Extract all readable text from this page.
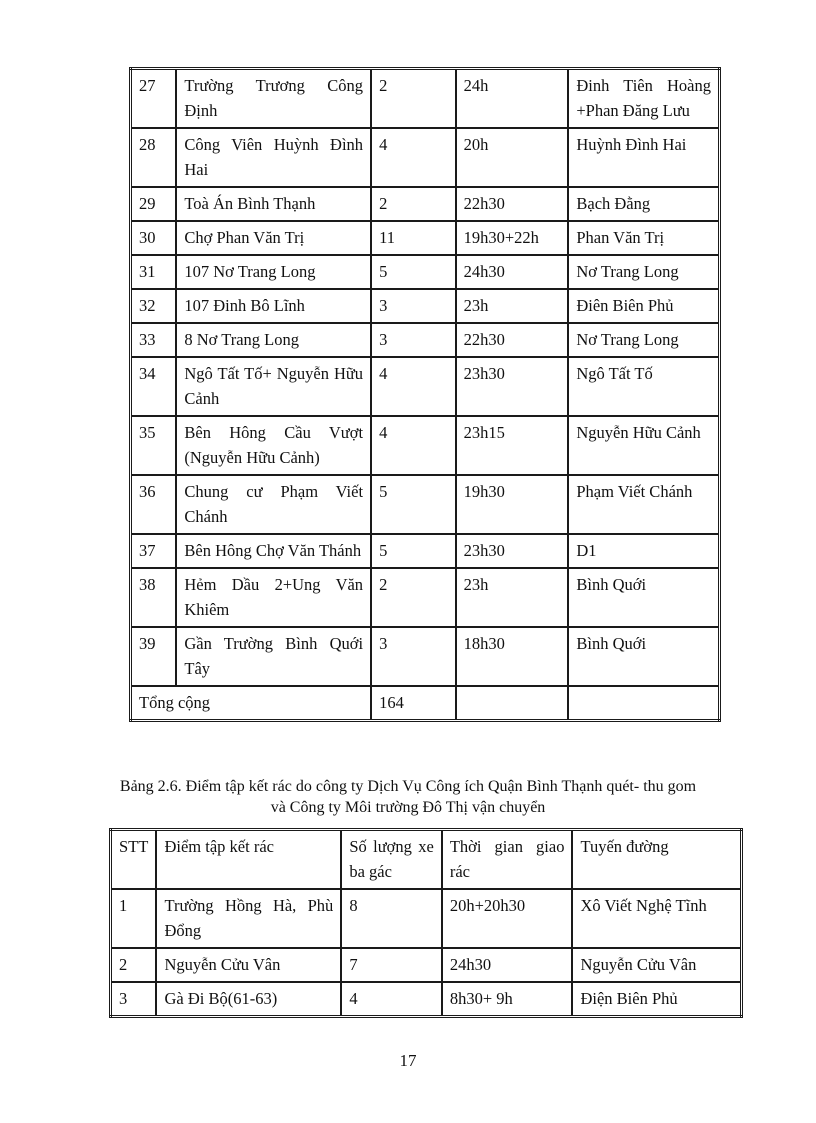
27	Trường Trương Công Định	2	24h	Đinh Tiên Hoàng +Phan Đăng Lưu
28	Công Viên Huỳnh Đình Hai	4	20h	Huỳnh Đình Hai
29	Toà Án Bình Thạnh	2	22h30	Bạch Đằng
30	Chợ Phan Văn Trị	11	19h30+22h	Phan Văn Trị
31	107 Nơ Trang Long	5	24h30	Nơ Trang Long
32	107 Đinh Bô Lĩnh	3	23h	Điên Biên Phủ
33	8 Nơ Trang Long	3	22h30	Nơ Trang Long
34	Ngô Tất Tố+ Nguyễn Hữu Cảnh	4	23h30	Ngô Tất Tố
35	Bên Hông Cầu Vượt (Nguyễn Hữu Cảnh)	4	23h15	Nguyễn Hữu Cảnh
36	Chung cư Phạm Viết Chánh	5	19h30	Phạm Viết Chánh
37	Bên Hông Chợ Văn Thánh	5	23h30	D1
38	Hẻm Dầu 2+Ung Văn Khiêm	2	23h	Bình Quới
39	Gần Trường Bình Quới Tây	3	18h30	Bình Quới
Tổng cộng		164		
Bảng 2.6. Điểm tập kết rác do công ty Dịch Vụ Công ích Quận Bình Thạnh quét- thu gom
và Công ty Môi trường Đô Thị vận chuyển
STT	Điểm tập kết rác	Số lượng xe ba gác	Thời gian giao rác	Tuyến đường
1	Trường Hồng Hà, Phù Đổng	8	20h+20h30	Xô Viết Nghệ Tĩnh
2	Nguyễn Cửu Vân	7	24h30	Nguyễn Cửu Vân
3	Gà Đi Bộ(61-63)	4	8h30+ 9h	Điện Biên Phủ
17
